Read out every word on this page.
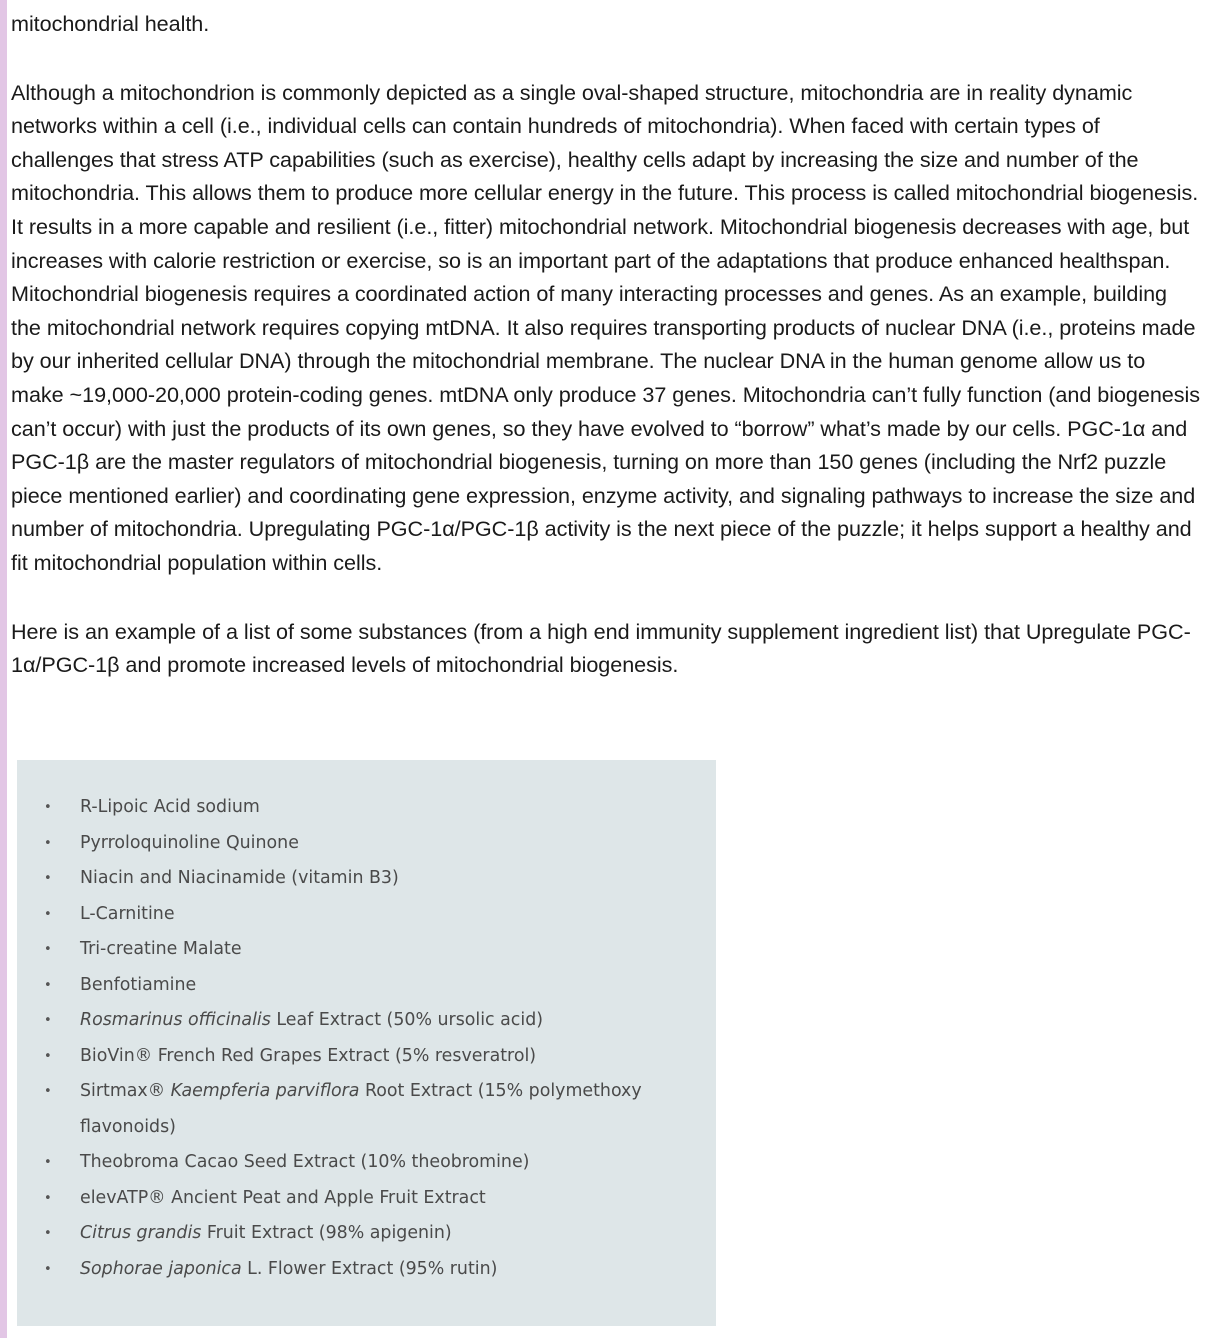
mitochondrial health.

Although a mitochondrion is commonly depicted as a single oval-shaped structure, mitochondria are in reality dynamic networks within a cell (i.e., individual cells can contain hundreds of mitochondria). When faced with certain types of challenges that stress ATP capabilities (such as exercise), healthy cells adapt by increasing the size and number of the mitochondria. This allows them to produce more cellular energy in the future. This process is called mitochondrial biogenesis. It results in a more capable and resilient (i.e., fitter) mitochondrial network. Mitochondrial biogenesis decreases with age, but increases with calorie restriction or exercise, so is an important part of the adaptations that produce enhanced healthspan.

Mitochondrial biogenesis requires a coordinated action of many interacting processes and genes. As an example, building the mitochondrial network requires copying mtDNA. It also requires transporting products of nuclear DNA (i.e., proteins made by our inherited cellular DNA) through the mitochondrial membrane. The nuclear DNA in the human genome allow us to make ~19,000-20,000 protein-coding genes. mtDNA only produce 37 genes. Mitochondria can’t fully function (and biogenesis can’t occur) with just the products of its own genes, so they have evolved to “borrow” what’s made by our cells. PGC-1α and PGC-1β are the master regulators of mitochondrial biogenesis, turning on more than 150 genes (including the Nrf2 puzzle piece mentioned earlier) and coordinating gene expression, enzyme activity, and signaling pathways to increase the size and number of mitochondria. Upregulating PGC-1α/PGC-1β activity is the next piece of the puzzle; it helps support a healthy and fit mitochondrial population within cells.

Here is an example of a list of some substances (from a high end immunity supplement ingredient list) that Upregulate PGC-1α/PGC-1β and promote increased levels of mitochondrial biogenesis.

• R-Lipoic Acid sodium
• Pyrroloquinoline Quinone
• Niacin and Niacinamide (vitamin B3)
• L-Carnitine
• Tri-creatine Malate
• Benfotiamine
• Rosmarinus officinalis Leaf Extract (50% ursolic acid)
• BioVin® French Red Grapes Extract (5% resveratrol)
• Sirtmax® Kaempferia parviflora Root Extract (15% polymethoxy flavonoids)
• Theobroma Cacao Seed Extract (10% theobromine)
• elevATP® Ancient Peat and Apple Fruit Extract
• Citrus grandis Fruit Extract (98% apigenin)
• Sophorae japonica L. Flower Extract (95% rutin)
